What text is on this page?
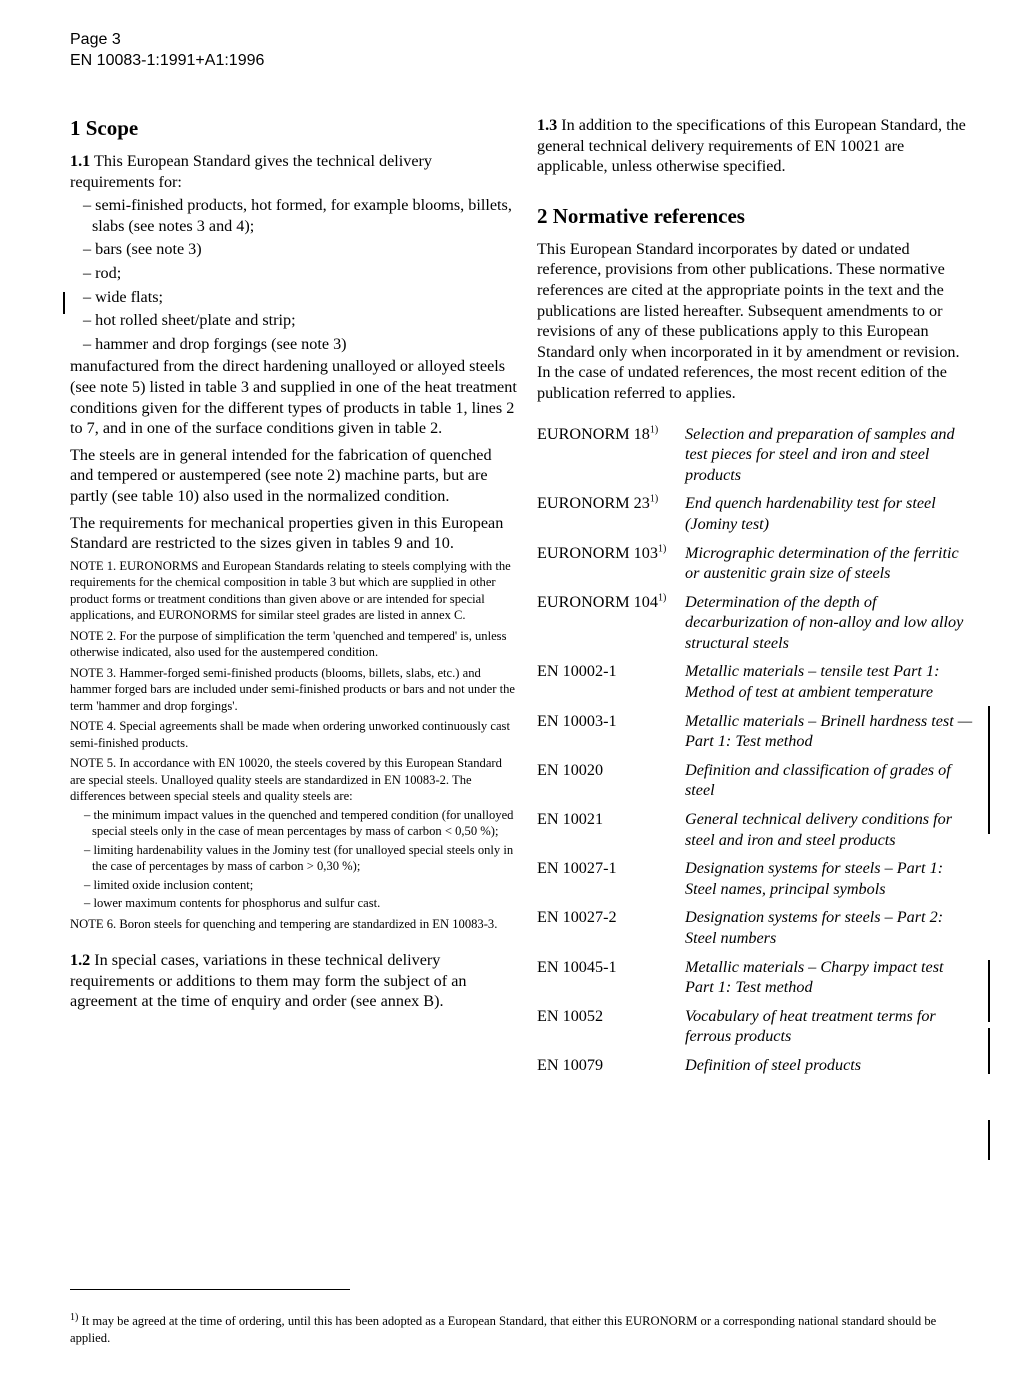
Page 3
EN 10083-1:1991+A1:1996
1 Scope

1.1 This European Standard gives the technical delivery requirements for:

– semi-finished products, hot formed, for example blooms, billets, slabs (see notes 3 and 4);
– bars (see note 3)
– rod;
– wide flats;
– hot rolled sheet/plate and strip;
– hammer and drop forgings (see note 3)

manufactured from the direct hardening unalloyed or alloyed steels (see note 5) listed in table 3 and supplied in one of the heat treatment conditions given for the different types of products in table 1, lines 2 to 7, and in one of the surface conditions given in table 2.

The steels are in general intended for the fabrication of quenched and tempered or austempered (see note 2) machine parts, but are partly (see table 10) also used in the normalized condition.

The requirements for mechanical properties given in this European Standard are restricted to the sizes given in tables 9 and 10.

NOTE 1. EURONORMS and European Standards relating to steels complying with the requirements for the chemical composition in table 3 but which are supplied in other product forms or treatment conditions than given above or are intended for special applications, and EURONORMS for similar steel grades are listed in annex C.

NOTE 2. For the purpose of simplification the term 'quenched and tempered' is, unless otherwise indicated, also used for the austempered condition.

NOTE 3. Hammer-forged semi-finished products (blooms, billets, slabs, etc.) and hammer forged bars are included under semi-finished products or bars and not under the term 'hammer and drop forgings'.

NOTE 4. Special agreements shall be made when ordering unworked continuously cast semi-finished products.

NOTE 5. In accordance with EN 10020, the steels covered by this European Standard are special steels. Unalloyed quality steels are standardized in EN 10083-2. The differences between special steels and quality steels are:

– the minimum impact values in the quenched and tempered condition (for unalloyed special steels only in the case of mean percentages by mass of carbon < 0,50 %);
– limiting hardenability values in the Jominy test (for unalloyed special steels only in the case of percentages by mass of carbon > 0,30 %);
– limited oxide inclusion content;
– lower maximum contents for phosphorus and sulfur cast.

NOTE 6. Boron steels for quenching and tempering are standardized in EN 10083-3.

1.2 In special cases, variations in these technical delivery requirements or additions to them may form the subject of an agreement at the time of enquiry and order (see annex B).

1.3 In addition to the specifications of this European Standard, the general technical delivery requirements of EN 10021 are applicable, unless otherwise specified.

2 Normative references

This European Standard incorporates by dated or undated reference, provisions from other publications. These normative references are cited at the appropriate points in the text and the publications are listed hereafter. Subsequent amendments to or revisions of any of these publications apply to this European Standard only when incorporated in it by amendment or revision. In the case of undated references, the most recent edition of the publication referred to applies.

EURONORM 18$^{1)}$	Selection and preparation of samples and test pieces for steel and iron and steel products
EURONORM 23$^{1)}$	End quench hardenability test for steel (Jominy test)
EURONORM 103$^{1)}$	Micrographic determination of the ferritic or austenitic grain size of steels
EURONORM 104$^{1)}$	Determination of the depth of decarburization of non-alloy and low alloy structural steels
EN 10002-1	Metallic materials – tensile test Part 1: Method of test at ambient temperature
EN 10003-1	Metallic materials – Brinell hardness test — Part 1: Test method
EN 10020	Definition and classification of grades of steel
EN 10021	General technical delivery conditions for steel and iron and steel products
EN 10027-1	Designation systems for steels – Part 1: Steel names, principal symbols
EN 10027-2	Designation systems for steels – Part 2: Steel numbers
EN 10045-1	Metallic materials – Charpy impact test Part 1: Test method
EN 10052	Vocabulary of heat treatment terms for ferrous products
EN 10079	Definition of steel products

$^{1)}$ It may be agreed at the time of ordering, until this has been adopted as a European Standard, that either this EURONORM or a corresponding national standard should be applied.
